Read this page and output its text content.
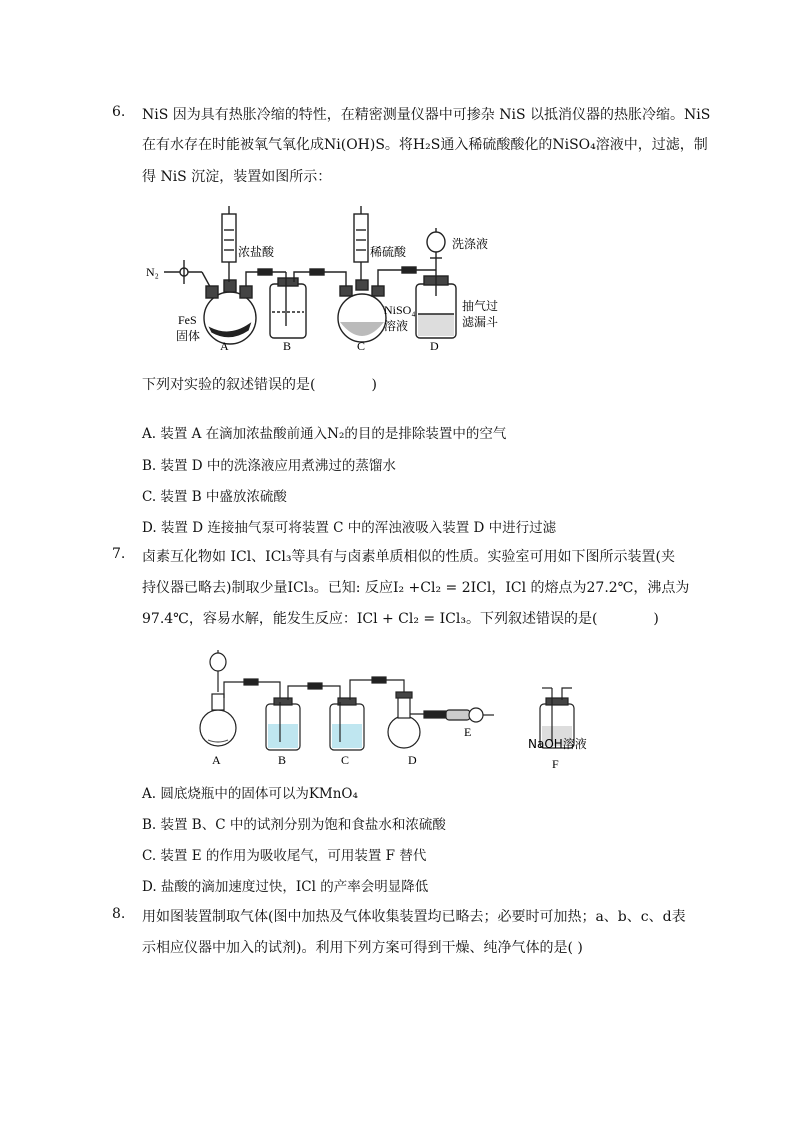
6. NiS 因为具有热胀冷缩的特性，在精密测量仪器中可掺杂 NiS 以抵消仪器的热胀冷缩。NiS
在有水存在时能被氧气氧化成Ni(OH)S。将H₂S通入稀硫酸酸化的NiSO₄溶液中，过滤，制
得 NiS 沉淀，装置如图所示：
N₂
浓盐酸
FeS
固体
稀硫酸
NiSO₄
溶液
洗涤液
抽气过
滤漏斗
A	B	C	D
下列对实验的叙述错误的是(　　　　)
A. 装置 A 在滴加浓盐酸前通入N₂的目的是排除装置中的空气
B. 装置 D 中的洗涤液应用煮沸过的蒸馏水
C. 装置 B 中盛放浓硫酸
D. 装置 D 连接抽气泵可将装置 C 中的浑浊液吸入装置 D 中进行过滤
7. 卤素互化物如 ICl、ICl₃等具有与卤素单质相似的性质。实验室可用如下图所示装置(夹
持仪器已略去)制取少量ICl₃。已知: 反应I₂ +Cl₂ = 2ICl，ICl 的熔点为27.2℃，沸点为
97.4℃，容易水解，能发生反应：ICl + Cl₂ = ICl₃。下列叙述错误的是(　　　　)
A	B	C	D
E
NaOH溶液
F
A. 圆底烧瓶中的固体可以为KMnO₄
B. 装置 B、C 中的试剂分别为饱和食盐水和浓硫酸
C. 装置 E 的作用为吸收尾气，可用装置 F 替代
D. 盐酸的滴加速度过快，ICl 的产率会明显降低
8. 用如图装置制取气体(图中加热及气体收集装置均已略去；必要时可加热；a、b、c、d表
示相应仪器中加入的试剂)。利用下列方案可得到干燥、纯净气体的是( )
